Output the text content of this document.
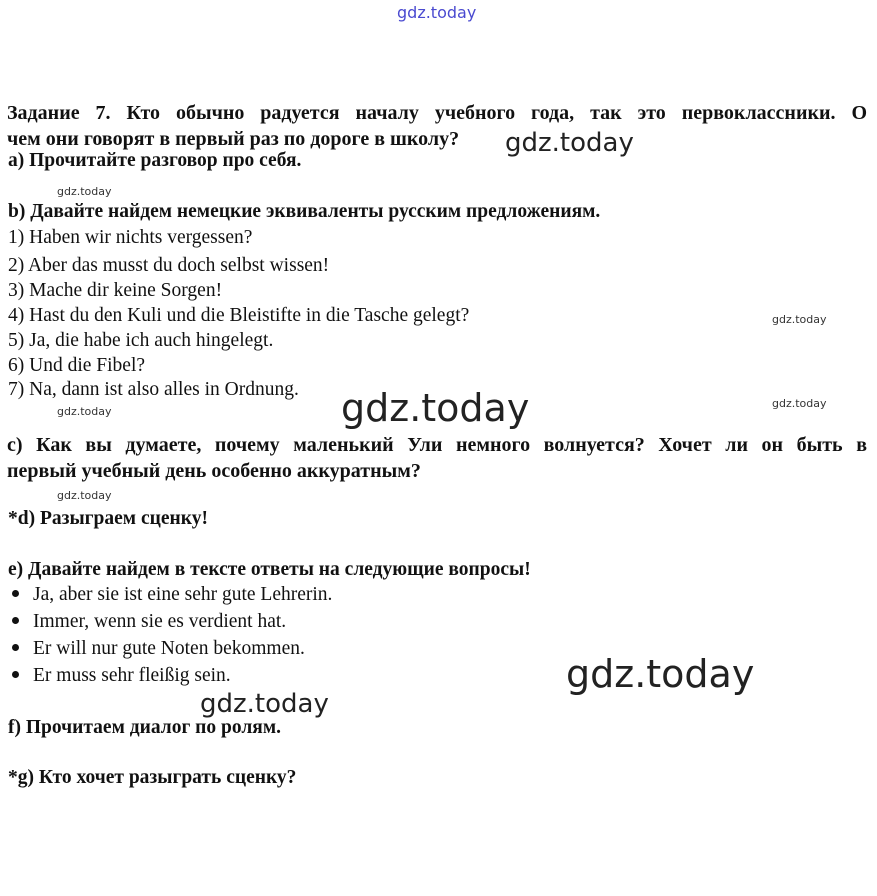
gdz.today
gdz.today
gdz.today
gdz.today
gdz.today
gdz.today
gdz.today
gdz.today
gdz.today
gdz.today
Задание 7. Кто обычно радуется началу учебного года, так это первоклассники. О
чем они говорят в первый раз по дороге в школу?
а) Прочитайте разговор про себя.
b) Давайте найдем немецкие эквиваленты русским предложениям.
1) Haben wir nichts vergessen?
2) Aber das musst du doch selbst wissen!
3) Mache dir keine Sorgen!
4) Hast du den Kuli und die Bleistifte in die Tasche gelegt?
5) Ja, die habe ich auch hingelegt.
6) Und die Fibel?
7) Na, dann ist also alles in Ordnung.
с) Как вы думаете, почему маленький Ули немного волнуется? Хочет ли он быть в
первый учебный день особенно аккуратным?
*d) Разыграем сценку!
е) Давайте найдем в тексте ответы на следующие вопросы!
Ja, aber sie ist eine sehr gute Lehrerin.
Immer, wenn sie es verdient hat.
Er will nur gute Noten bekommen.
Er muss sehr fleißig sein.
f) Прочитаем диалог по ролям.
*g) Кто хочет разыграть сценку?
